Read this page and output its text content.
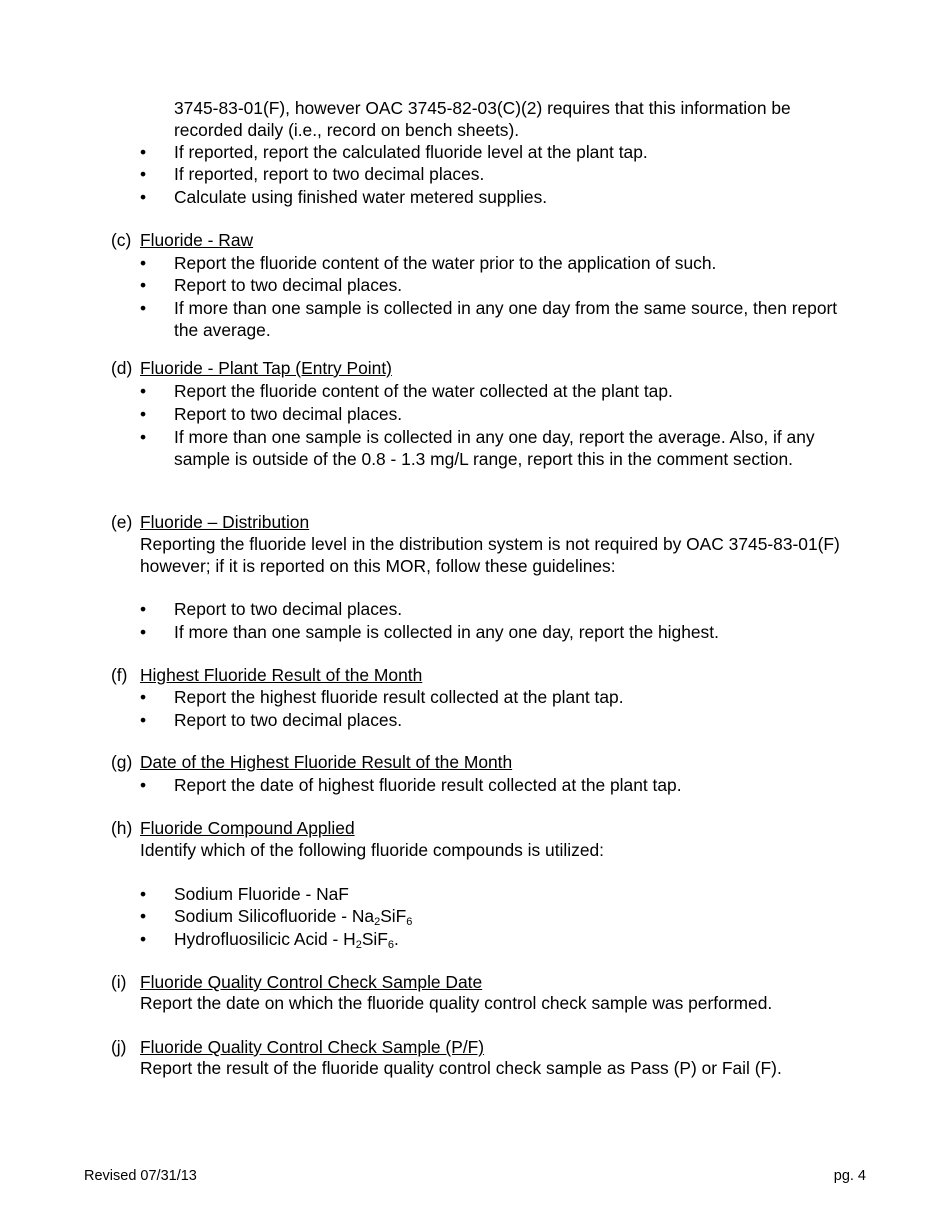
3745-83-01(F), however OAC 3745-82-03(C)(2) requires that this information be recorded daily (i.e., record on bench sheets).
•	If reported, report the calculated fluoride level at the plant tap.
•	If reported, report to two decimal places.
•	Calculate using finished water metered supplies.
(c) Fluoride - Raw
•	Report the fluoride content of the water prior to the application of such.
•	Report to two decimal places.
•	If more than one sample is collected in any one day from the same source, then report the average.
(d) Fluoride - Plant Tap (Entry Point)
•	Report the fluoride content of the water collected at the plant tap.
•	Report to two decimal places.
•	If more than one sample is collected in any one day, report the average. Also, if any sample is outside of the 0.8 - 1.3 mg/L range, report this in the comment section.
(e) Fluoride – Distribution
Reporting the fluoride level in the distribution system is not required by OAC 3745-83-01(F) however; if it is reported on this MOR, follow these guidelines:
•	Report to two decimal places.
•	If more than one sample is collected in any one day, report the highest.
(f) Highest Fluoride Result of the Month
•	Report the highest fluoride result collected at the plant tap.
•	Report to two decimal places.
(g) Date of the Highest Fluoride Result of the Month
•	Report the date of highest fluoride result collected at the plant tap.
(h) Fluoride Compound Applied
Identify which of the following fluoride compounds is utilized:
•	Sodium Fluoride - NaF
•	Sodium Silicofluoride - $Na_2SiF_6$
•	Hydrofluosilicic Acid - $H_2SiF_6$.
(i) Fluoride Quality Control Check Sample Date
Report the date on which the fluoride quality control check sample was performed.
(j) Fluoride Quality Control Check Sample (P/F)
Report the result of the fluoride quality control check sample as Pass (P) or Fail (F).
Revised 07/31/13	pg. 4
